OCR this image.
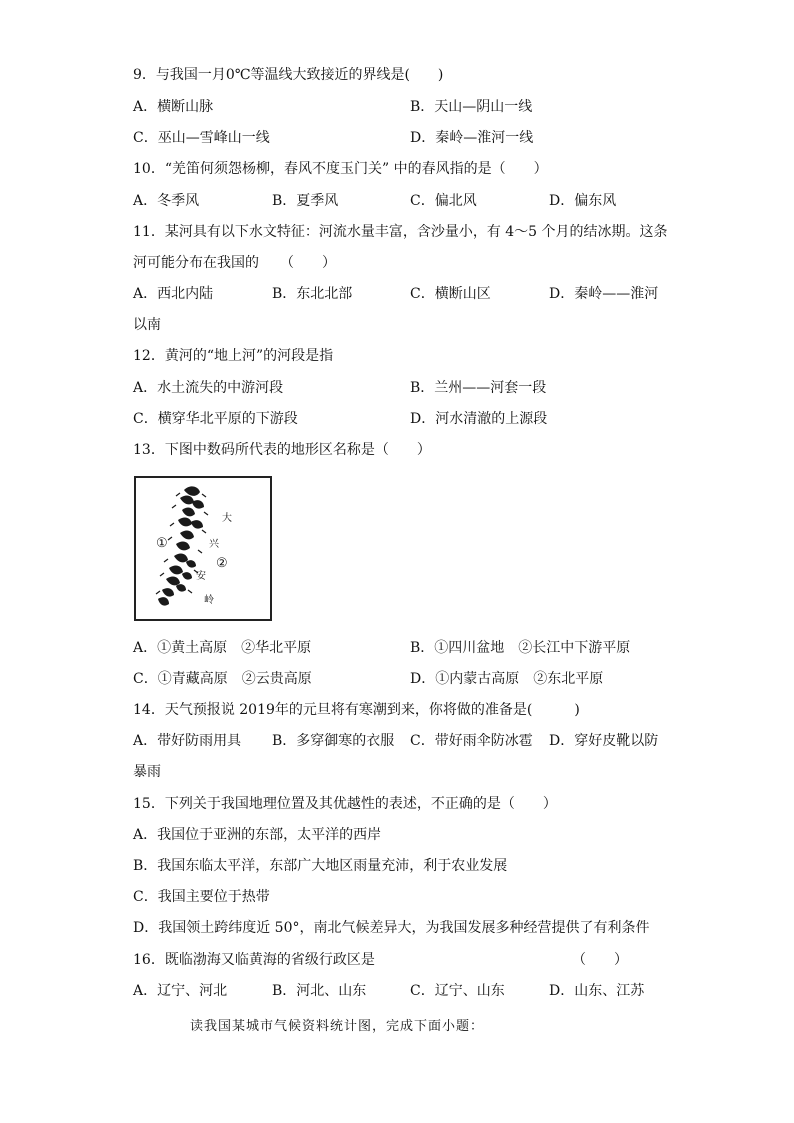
9．与我国一月0℃等温线大致接近的界线是(　　)
A．横断山脉	B．天山—阴山一线
C．巫山—雪峰山一线	D．秦岭—淮河一线
10．“羌笛何须怨杨柳，春风不度玉门关” 中的春风指的是（　　）
A．冬季风	B．夏季风	C．偏北风	D．偏东风
11．某河具有以下水文特征：河流水量丰富，含沙量小，有 4～5 个月的结冰期。这条
河可能分布在我国的　　（　　）
A．西北内陆	B．东北北部	C．横断山区	D．秦岭——淮河
以南
12．黄河的“地上河”的河段是指
A．水土流失的中游河段	B．兰州——河套一段
C．横穿华北平原的下游段	D．河水清澈的上源段
13．下图中数码所代表的地形区名称是（　　）
①
②
大
兴
安
岭
A．①黄土高原　②华北平原	B．①四川盆地　②长江中下游平原
C．①青藏高原　②云贵高原	D．①内蒙古高原　②东北平原
14．天气预报说 2019年的元旦将有寒潮到来，你将做的准备是(　　　)
A．带好防雨用具 B．多穿御寒的衣服 C．带好雨伞防冰雹 D．穿好皮靴以防
暴雨
15．下列关于我国地理位置及其优越性的表述，不正确的是（　　）
A．我国位于亚洲的东部，太平洋的西岸
B．我国东临太平洋，东部广大地区雨量充沛，利于农业发展
C．我国主要位于热带
D．我国领土跨纬度近 50°，南北气候差异大，为我国发展多种经营提供了有利条件
16．既临渤海又临黄海的省级行政区是	（　　）
A．辽宁、河北	B．河北、山东	C．辽宁、山东	D．山东、江苏
读我国某城市气候资料统计图，完成下面小题：
